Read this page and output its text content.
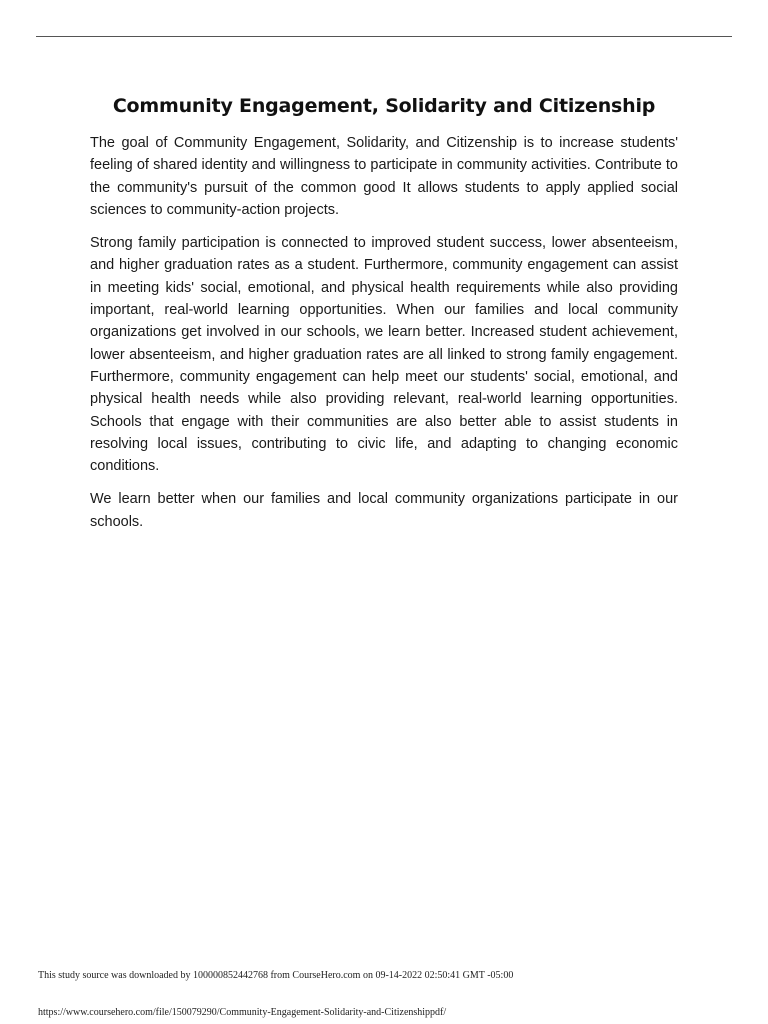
Community Engagement, Solidarity and Citizenship

The goal of Community Engagement, Solidarity, and Citizenship is to increase students' feeling of shared identity and willingness to participate in community activities. Contribute to the community's pursuit of the common good It allows students to apply applied social sciences to community-action projects.

Strong family participation is connected to improved student success, lower absenteeism, and higher graduation rates as a student. Furthermore, community engagement can assist in meeting kids' social, emotional, and physical health requirements while also providing important, real-world learning opportunities. When our families and local community organizations get involved in our schools, we learn better. Increased student achievement, lower absenteeism, and higher graduation rates are all linked to strong family engagement. Furthermore, community engagement can help meet our students' social, emotional, and physical health needs while also providing relevant, real-world learning opportunities. Schools that engage with their communities are also better able to assist students in resolving local issues, contributing to civic life, and adapting to changing economic conditions.

We learn better when our families and local community organizations participate in our schools.

This study source was downloaded by 100000852442768 from CourseHero.com on 09-14-2022 02:50:41 GMT -05:00
https://www.coursehero.com/file/150079290/Community-Engagement-Solidarity-and-Citizenshippdf/
